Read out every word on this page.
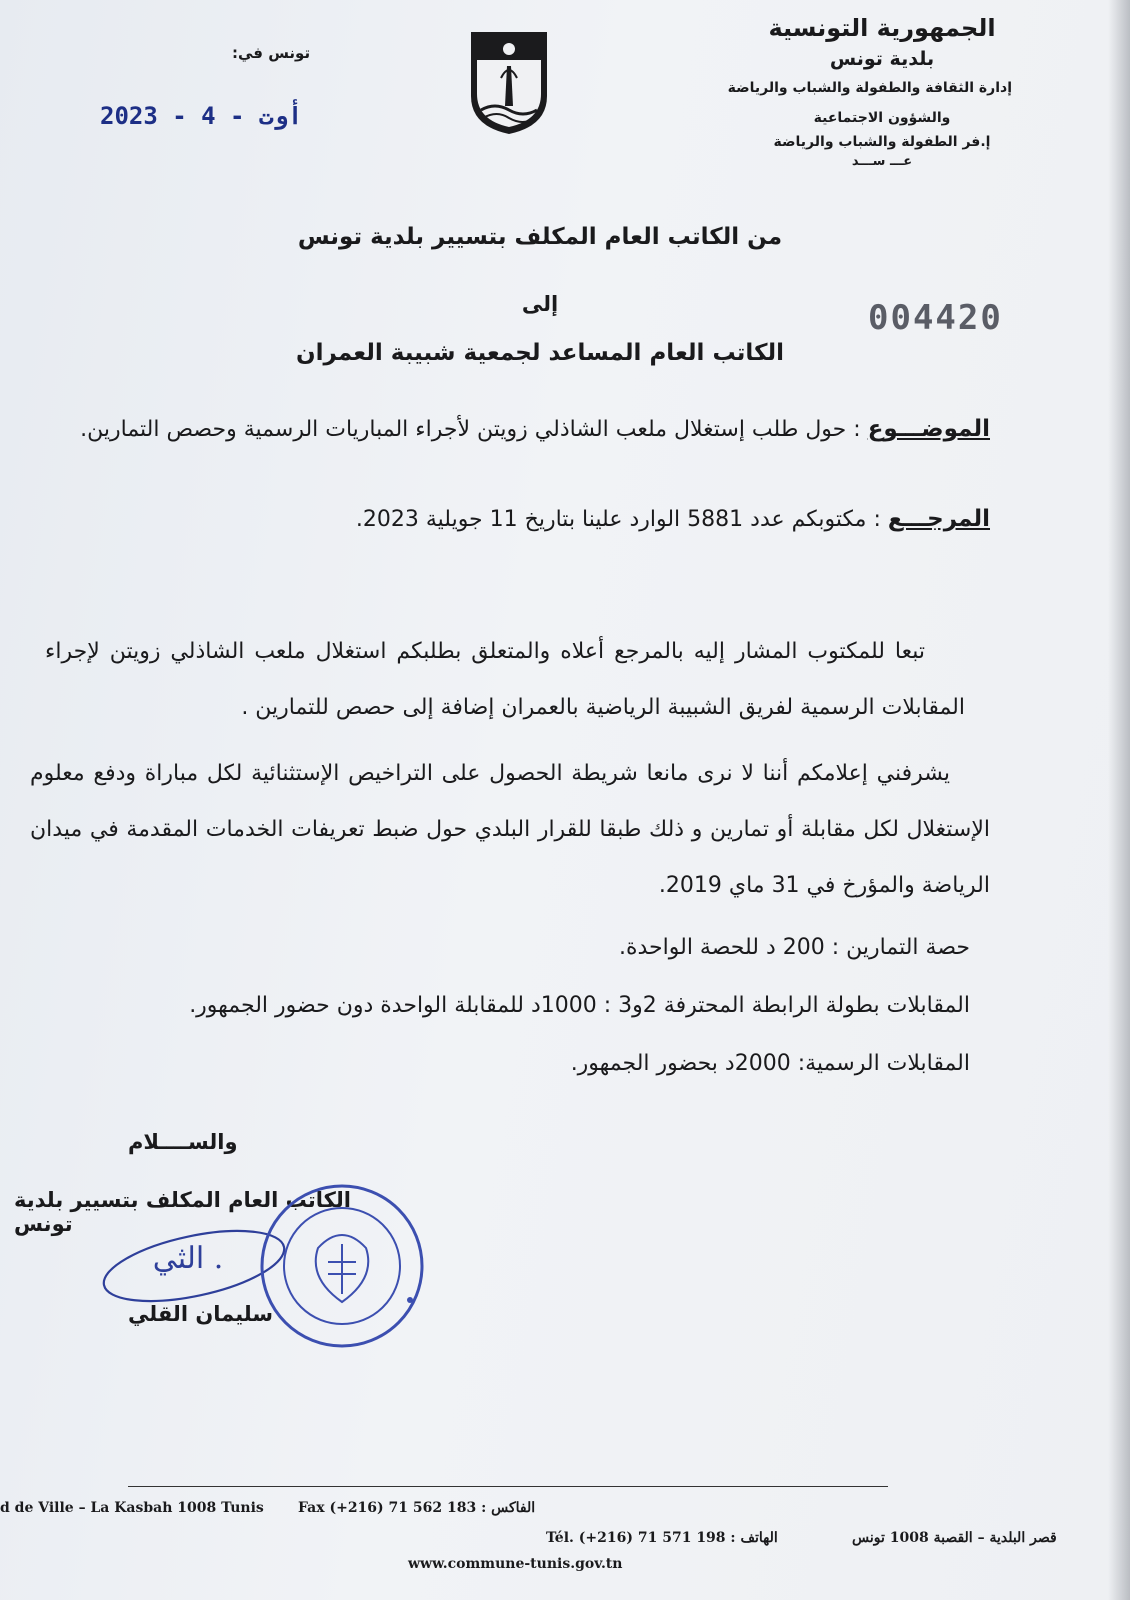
الجمهورية التونسية
بلدية تونس
إدارة الثقافة والطفولة والشباب والرياضة
والشؤون الاجتماعية
إ.فر الطفولة والشباب والرياضة
عـــ ســـد
تونس في:
2023 - أوت - 4
004420
من الكاتب العام المكلف بتسيير بلدية تونس
إلى
الكاتب العام المساعد لجمعية شبيبة العمران
الموضـــوع : حول طلب إستغلال ملعب الشاذلي زويتن لأجراء المباريات الرسمية وحصص التمارين.
المرجـــع : مكتوبكم عدد 5881 الوارد علينا بتاريخ 11 جويلية 2023.
تبعا للمكتوب المشار إليه بالمرجع أعلاه والمتعلق بطلبكم استغلال ملعب الشاذلي زويتن لإجراء المقابلات الرسمية لفريق الشبيبة الرياضية بالعمران إضافة إلى حصص للتمارين .
يشرفني إعلامكم أننا لا نرى مانعا شريطة الحصول على التراخيص الإستثنائية لكل مباراة ودفع معلوم الإستغلال لكل مقابلة أو تمارين و ذلك طبقا للقرار البلدي حول ضبط تعريفات الخدمات المقدمة في ميدان الرياضة والمؤرخ في 31 ماي 2019.
حصة التمارين : 200 د للحصة الواحدة.
المقابلات بطولة الرابطة المحترفة 2و3 : 1000د للمقابلة الواحدة دون حضور الجمهور.
المقابلات الرسمية: 2000د بحضور الجمهور.
والســــلام
الكاتب العام المكلف بتسيير بلدية تونس
. الثي
سليمان القلي
d de Ville – La Kasbah 1008 Tunis Fax (+216) 71 562 183 : الفاكس
Tél. (+216) 71 571 198 : الهاتف	قصر البلدية – القصبة 1008 تونس
www.commune-tunis.gov.tn
